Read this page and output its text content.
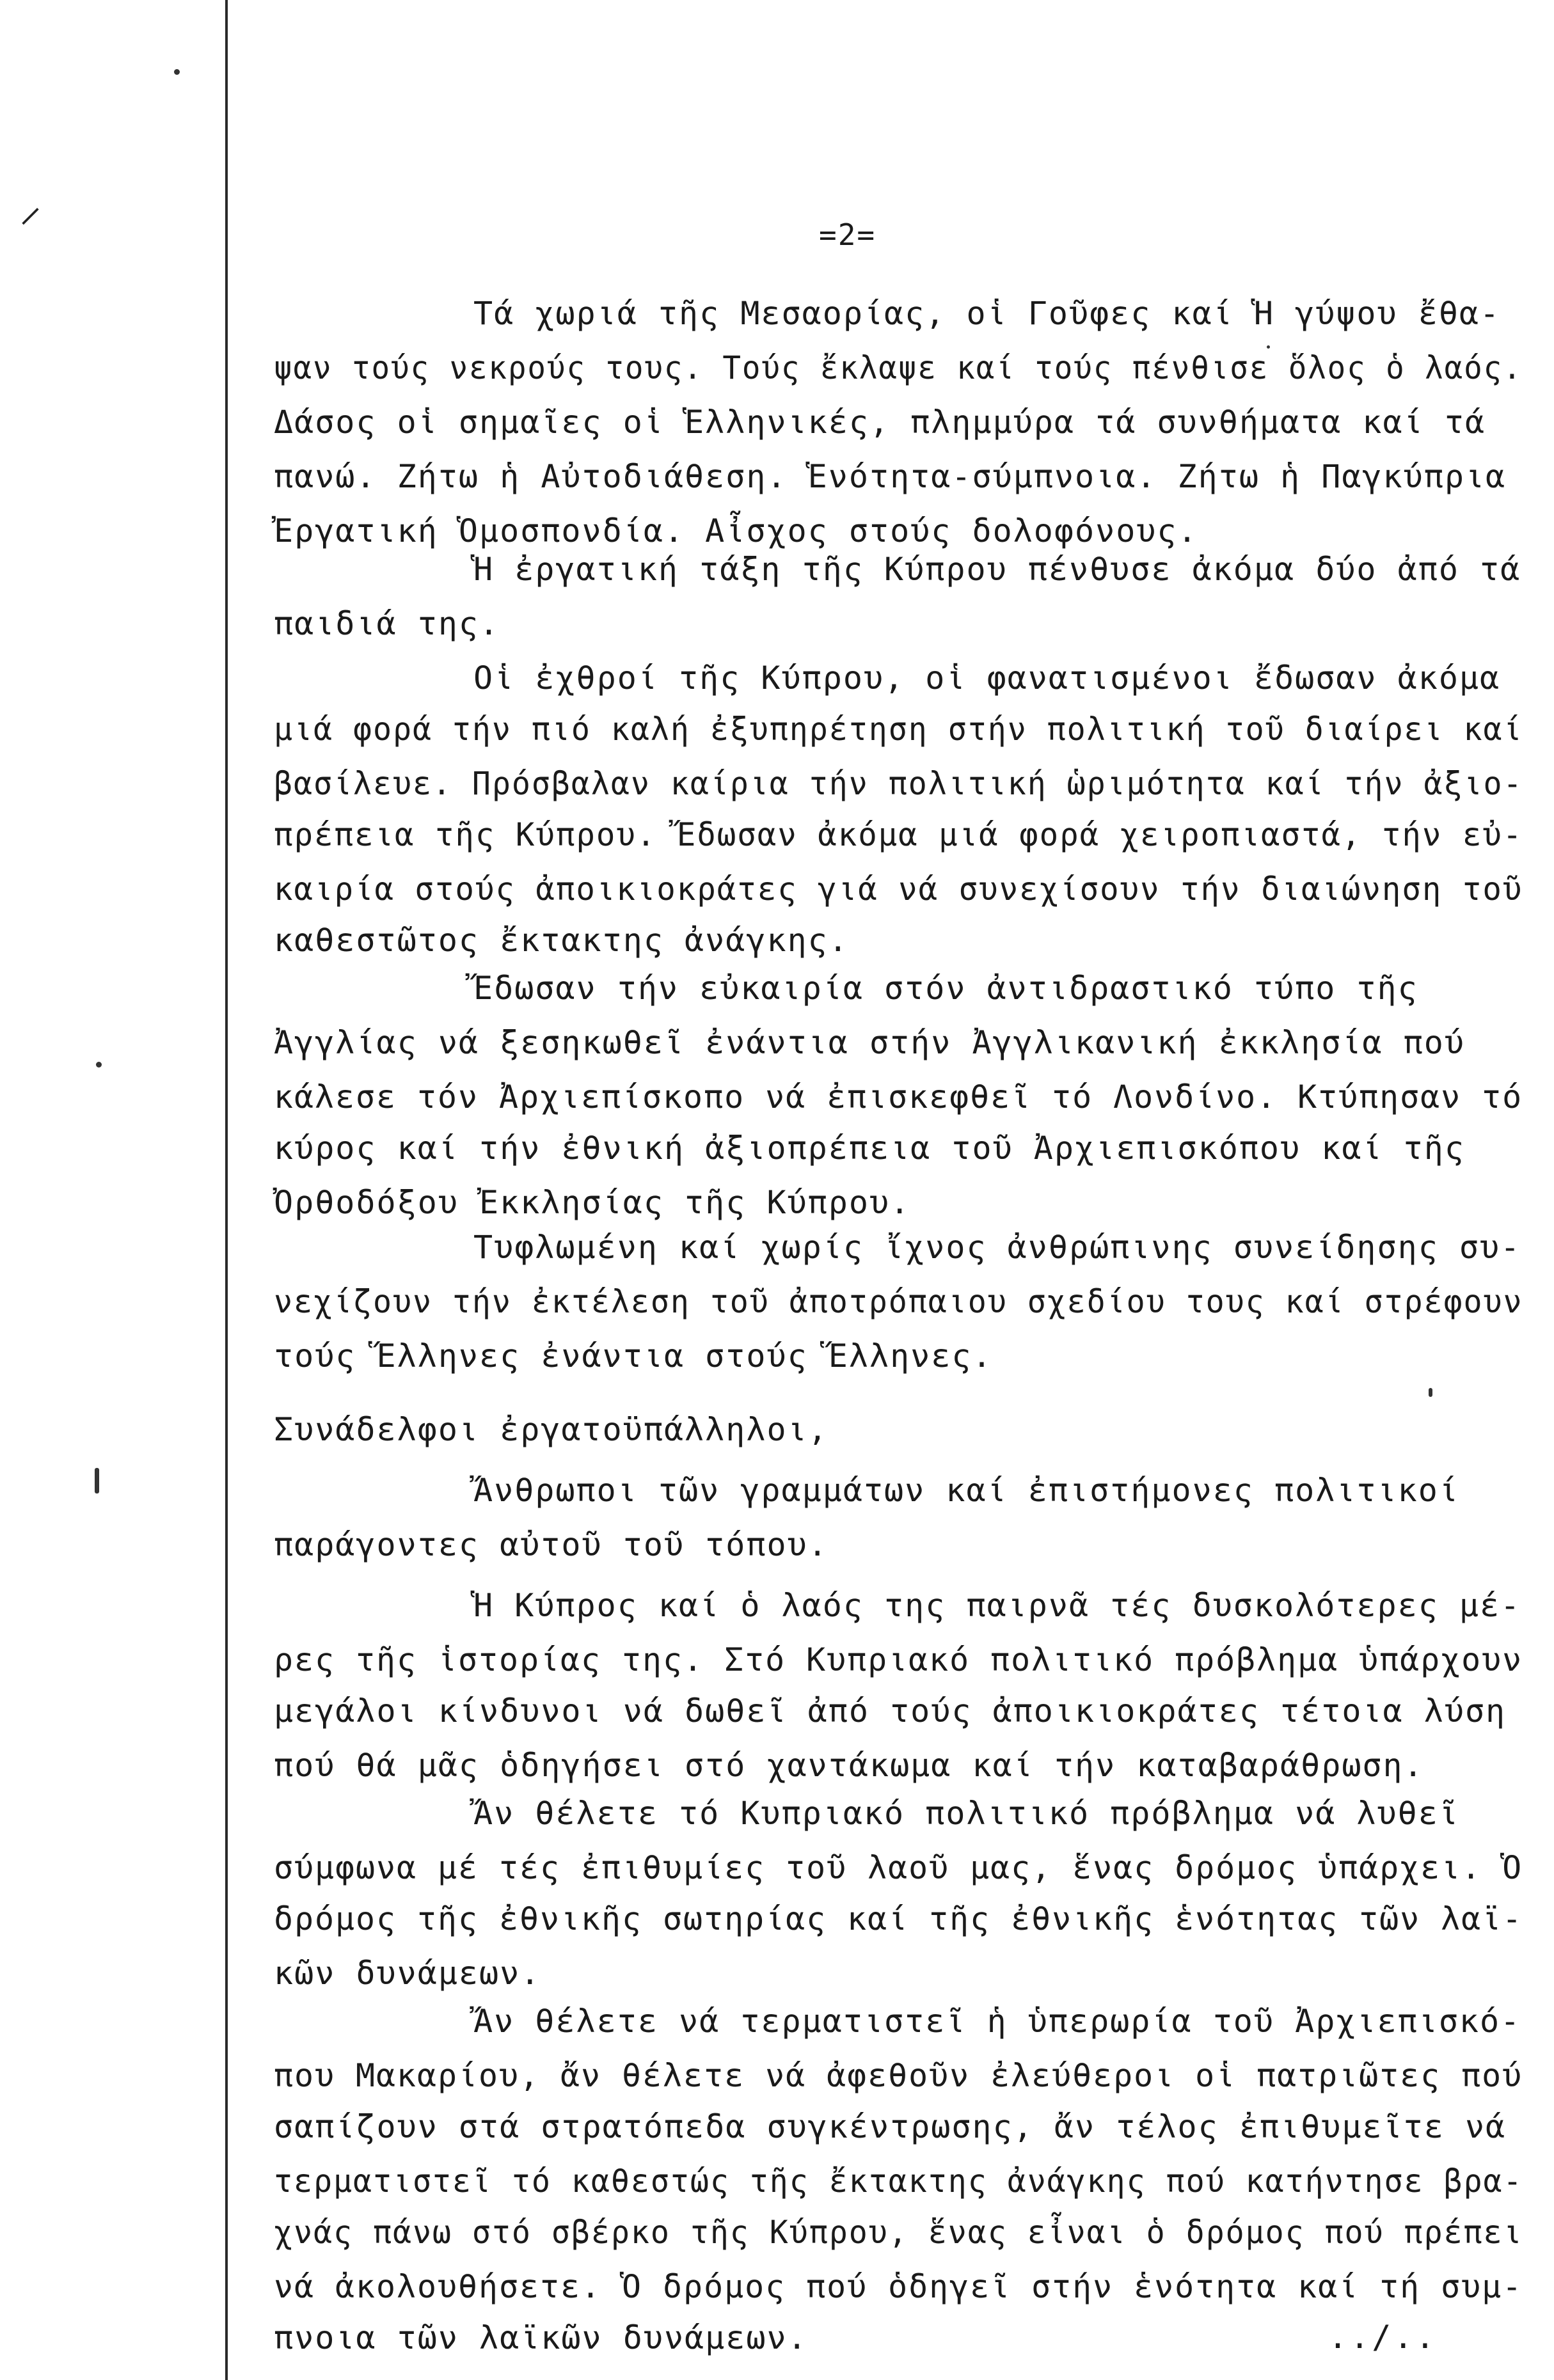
⸍	=2=
Τά χωριά τῆς Μεσαορίας, οἱ Γοῦφες καί Ἡ γύψου ἔθα-
ψαν τούς νεκρούς τους. Τούς ἔκλαψε καί τούς πένθισε ὅλος ὁ λαός.
Δάσος οἱ σημαῖες οἱ Ἑλληνικές, πλημμύρα τά συνθήματα καί τά
πανώ. Ζήτω ἡ Αὐτοδιάθεση. Ἑνότητα-σύμπνοια. Ζήτω ἡ Παγκύπρια
Ἐργατική Ὁμοσπονδία. Αἶσχος στούς δολοφόνους.
Ἡ ἐργατική τάξη τῆς Κύπρου πένθυσε ἀκόμα δύο ἀπό τά
παιδιά της.
Οἱ ἐχθροί τῆς Κύπρου, οἱ φανατισμένοι ἔδωσαν ἀκόμα
μιά φορά τήν πιό καλή ἐξυπηρέτηση στήν πολιτική τοῦ διαίρει καί
βασίλευε. Πρόσβαλαν καίρια τήν πολιτική ὡριμότητα καί τήν ἀξιο-
πρέπεια τῆς Κύπρου. Ἔδωσαν ἀκόμα μιά φορά χειροπιαστά, τήν εὐ-
καιρία στούς ἀποικιοκράτες γιά νά συνεχίσουν τήν διαιώνηση τοῦ
καθεστῶτος ἔκτακτης ἀνάγκης.
Ἔδωσαν τήν εὐκαιρία στόν ἀντιδραστικό τύπο τῆς
Ἀγγλίας νά ξεσηκωθεῖ ἐνάντια στήν Ἀγγλικανική ἐκκλησία πού
κάλεσε τόν Ἀρχιεπίσκοπο νά ἐπισκεφθεῖ τό Λονδίνο. Κτύπησαν τό
κύρος καί τήν ἐθνική ἀξιοπρέπεια τοῦ Ἀρχιεπισκόπου καί τῆς
Ὀρθοδόξου Ἐκκλησίας τῆς Κύπρου.
Τυφλωμένη καί χωρίς ἴχνος ἀνθρώπινης συνείδησης συ-
νεχίζουν τήν ἐκτέλεση τοῦ ἀποτρόπαιου σχεδίου τους καί στρέφουν
τούς Ἕλληνες ἐνάντια στούς Ἕλληνες.
Συνάδελφοι ἐργατοϋπάλληλοι,
Ἄνθρωποι τῶν γραμμάτων καί ἐπιστήμονες πολιτικοί
παράγοντες αὐτοῦ τοῦ τόπου.
Ἡ Κύπρος καί ὁ λαός της παιρνᾶ τές δυσκολότερες μέ-
ρες τῆς ἱστορίας της. Στό Κυπριακό πολιτικό πρόβλημα ὑπάρχουν
μεγάλοι κίνδυνοι νά δωθεῖ ἀπό τούς ἀποικιοκράτες τέτοια λύση
πού θά μᾶς ὁδηγήσει στό χαντάκωμα καί τήν καταβαράθρωση.
Ἄν θέλετε τό Κυπριακό πολιτικό πρόβλημα νά λυθεῖ
σύμφωνα μέ τές ἐπιθυμίες τοῦ λαοῦ μας, ἕνας δρόμος ὑπάρχει. Ὁ
δρόμος τῆς ἐθνικῆς σωτηρίας καί τῆς ἐθνικῆς ἑνότητας τῶν λαϊ-
κῶν δυνάμεων.
Ἄν θέλετε νά τερματιστεῖ ἡ ὑπερωρία τοῦ Ἀρχιεπισκό-
που Μακαρίου, ἄν θέλετε νά ἀφεθοῦν ἐλεύθεροι οἱ πατριῶτες πού
σαπίζουν στά στρατόπεδα συγκέντρωσης, ἄν τέλος ἐπιθυμεῖτε νά
τερματιστεῖ τό καθεστώς τῆς ἔκτακτης ἀνάγκης πού κατήντησε βρα-
χνάς πάνω στό σβέρκο τῆς Κύπρου, ἕνας εἶναι ὁ δρόμος πού πρέπει
νά ἀκολουθήσετε. Ὁ δρόμος πού ὁδηγεῖ στήν ἑνότητα καί τή συμ-
πνοια τῶν λαϊκῶν δυνάμεων.	../..
